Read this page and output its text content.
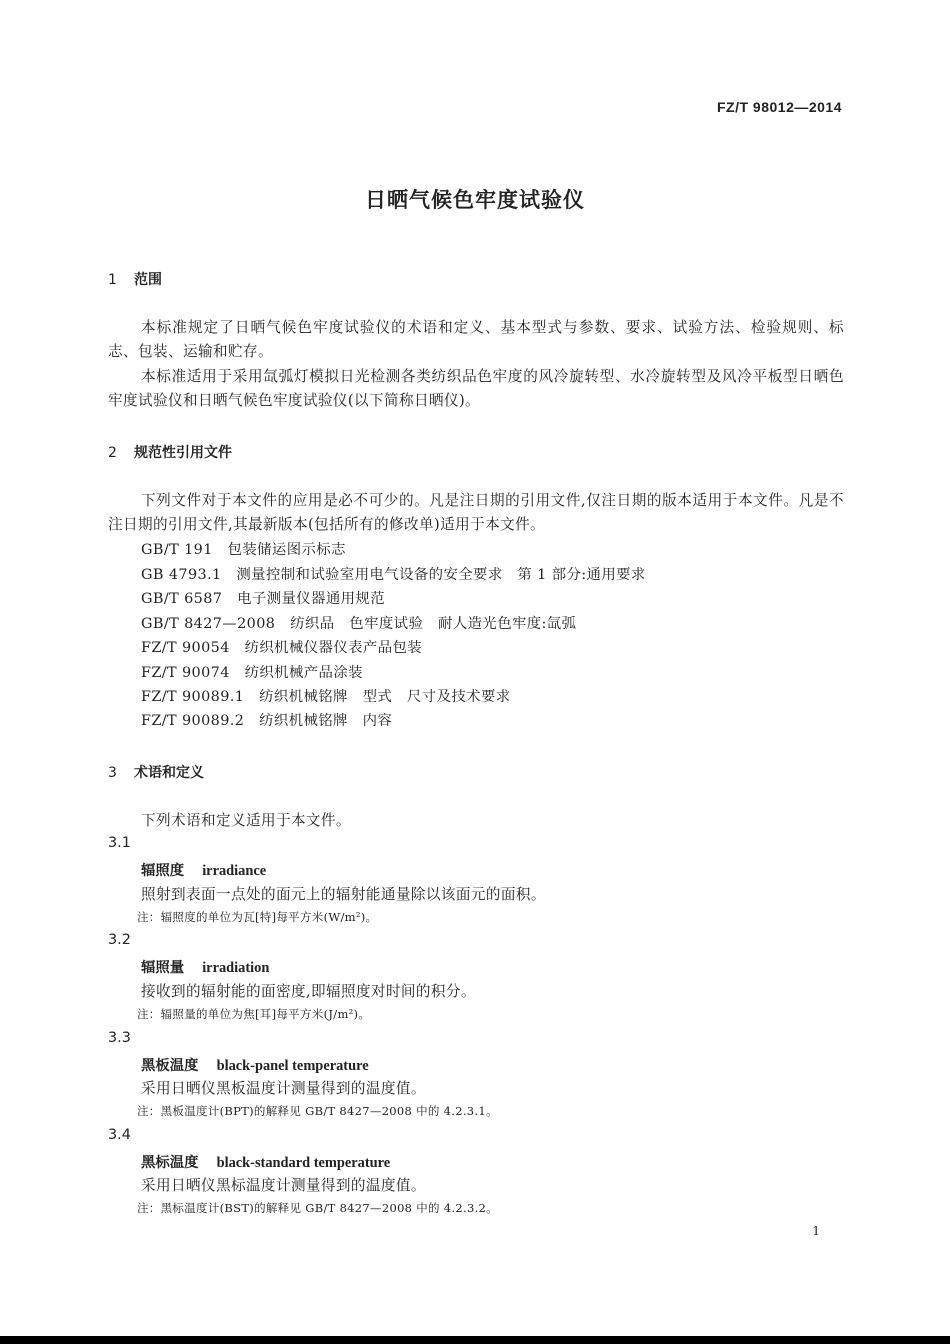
FZ/T 98012—2014
日晒气候色牢度试验仪
1 范围
本标准规定了日晒气候色牢度试验仪的术语和定义、基本型式与参数、要求、试验方法、检验规则、标志、包装、运输和贮存。
本标准适用于采用氙弧灯模拟日光检测各类纺织品色牢度的风冷旋转型、水冷旋转型及风冷平板型日晒色牢度试验仪和日晒气候色牢度试验仪(以下简称日晒仪)。
2 规范性引用文件
下列文件对于本文件的应用是必不可少的。凡是注日期的引用文件,仅注日期的版本适用于本文件。凡是不注日期的引用文件,其最新版本(包括所有的修改单)适用于本文件。
GB/T 191　包装储运图示标志
GB 4793.1　测量控制和试验室用电气设备的安全要求　第 1 部分:通用要求
GB/T 6587　电子测量仪器通用规范
GB/T 8427—2008　纺织品　色牢度试验　耐人造光色牢度:氙弧
FZ/T 90054　纺织机械仪器仪表产品包装
FZ/T 90074　纺织机械产品涂装
FZ/T 90089.1　纺织机械铭牌　型式　尺寸及技术要求
FZ/T 90089.2　纺织机械铭牌　内容
3 术语和定义
下列术语和定义适用于本文件。
3.1
辐照度 irradiance
照射到表面一点处的面元上的辐射能通量除以该面元的面积。
注：辐照度的单位为瓦[特]每平方米(W/m²)。
3.2
辐照量 irradiation
接收到的辐射能的面密度,即辐照度对时间的积分。
注：辐照量的单位为焦[耳]每平方米(J/m²)。
3.3
黑板温度 black-panel temperature
采用日晒仪黑板温度计测量得到的温度值。
注：黑板温度计(BPT)的解释见 GB/T 8427—2008 中的 4.2.3.1。
3.4
黑标温度 black-standard temperature
采用日晒仪黑标温度计测量得到的温度值。
注：黑标温度计(BST)的解释见 GB/T 8427—2008 中的 4.2.3.2。
1
